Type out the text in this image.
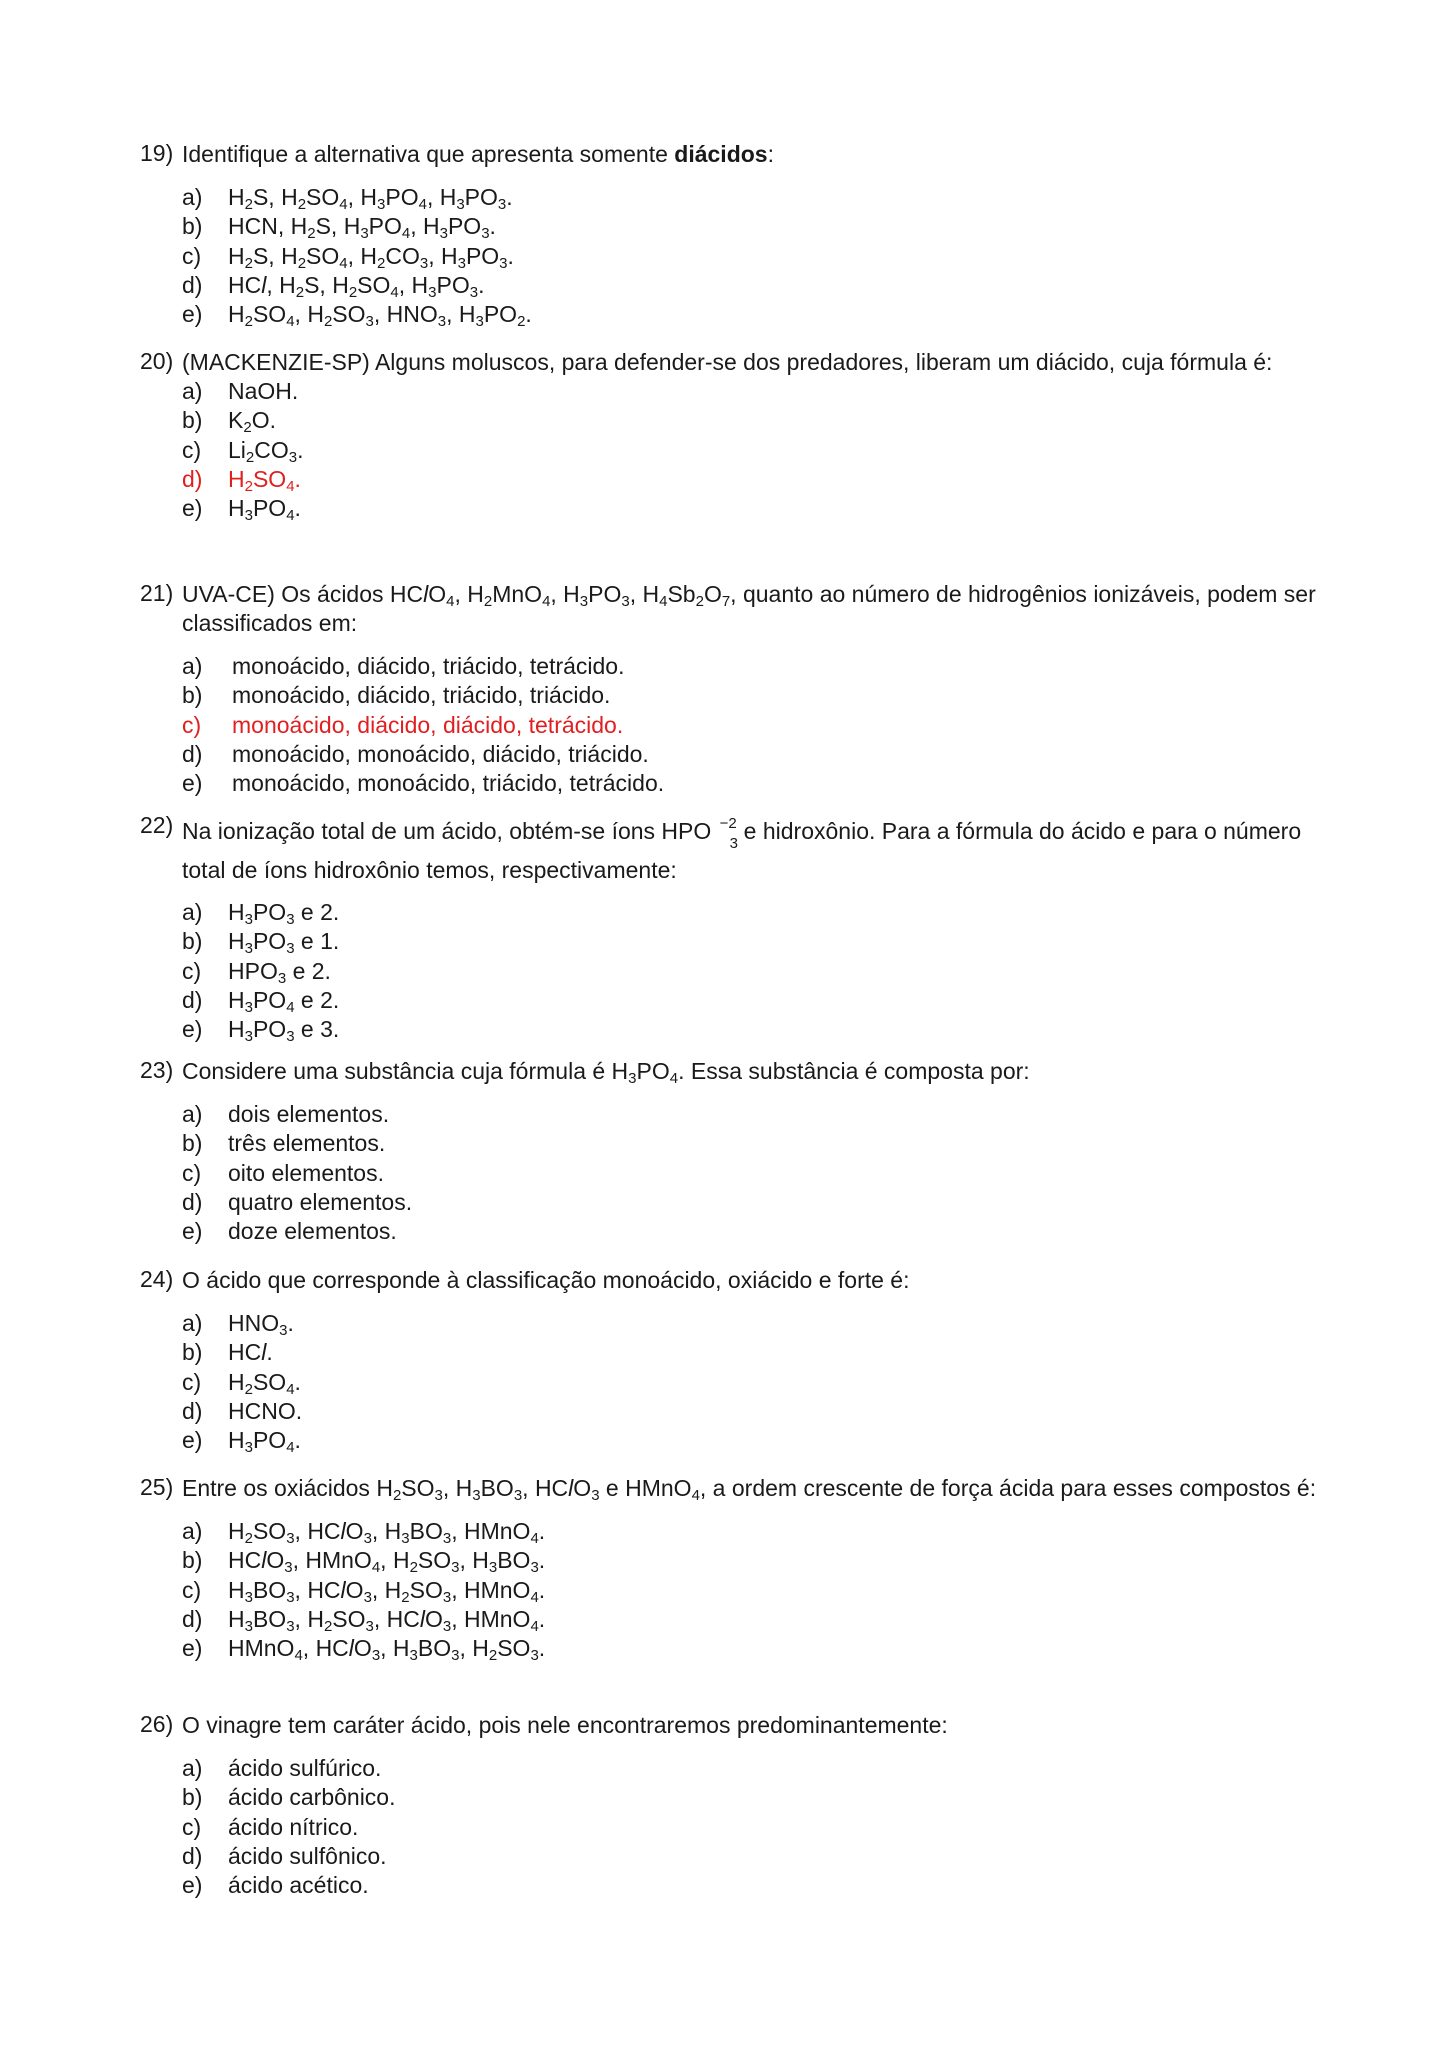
19) Identifique a alternativa que apresenta somente diácidos:
a) $H_2S$, $H_2SO_4$, $H_3PO_4$, $H_3PO_3$.
b) HCN, $H_2S$, $H_3PO_4$, $H_3PO_3$.
c) $H_2S$, $H_2SO_4$, $H_2CO_3$, $H_3PO_3$.
d) HCl, $H_2S$, $H_2SO_4$, $H_3PO_3$.
e) $H_2SO_4$, $H_2SO_3$, $HNO_3$, $H_3PO_2$.
20) (MACKENZIE-SP) Alguns moluscos, para defender-se dos predadores, liberam um diácido, cuja fórmula é:
a) NaOH.
b) $K_2O$.
c) $Li_2CO_3$.
d) $H_2SO_4$.
e) $H_3PO_4$.
21) UVA-CE) Os ácidos HClO$_4$, $H_2MnO_4$, $H_3PO_3$, $H_4Sb_2O_7$, quanto ao número de hidrogênios ionizáveis, podem ser classificados em:
a) monoácido, diácido, triácido, tetrácido.
b) monoácido, diácido, triácido, triácido.
c) monoácido, diácido, diácido, tetrácido.
d) monoácido, monoácido, diácido, triácido.
e) monoácido, monoácido, triácido, tetrácido.
22) Na ionização total de um ácido, obtém-se íons HPO −2
3 e hidroxônio. Para a fórmula do ácido e para o número total de íons hidroxônio temos, respectivamente:
a) $H_3PO_3$ e 2.
b) $H_3PO_3$ e 1.
c) $HPO_3$ e 2.
d) $H_3PO_4$ e 2.
e) $H_3PO_3$ e 3.
23) Considere uma substância cuja fórmula é $H_3PO_4$. Essa substância é composta por:
a) dois elementos.
b) três elementos.
c) oito elementos.
d) quatro elementos.
e) doze elementos.
24) O ácido que corresponde à classificação monoácido, oxiácido e forte é:
a) $HNO_3$.
b) HCl.
c) $H_2SO_4$.
d) HCNO.
e) $H_3PO_4$.
25) Entre os oxiácidos $H_2SO_3$, $H_3BO_3$, HClO$_3$ e HMnO$_4$, a ordem crescente de força ácida para esses compostos é:
a) $H_2SO_3$, HClO$_3$, $H_3BO_3$, HMnO$_4$.
b) HClO$_3$, HMnO$_4$, $H_2SO_3$, $H_3BO_3$.
c) $H_3BO_3$, HClO$_3$, $H_2SO_3$, HMnO$_4$.
d) $H_3BO_3$, $H_2SO_3$, HClO$_3$, HMnO$_4$.
e) HMnO$_4$, HClO$_3$, $H_3BO_3$, $H_2SO_3$.
26) O vinagre tem caráter ácido, pois nele encontraremos predominantemente:
a) ácido sulfúrico.
b) ácido carbônico.
c) ácido nítrico.
d) ácido sulfônico.
e) ácido acético.
